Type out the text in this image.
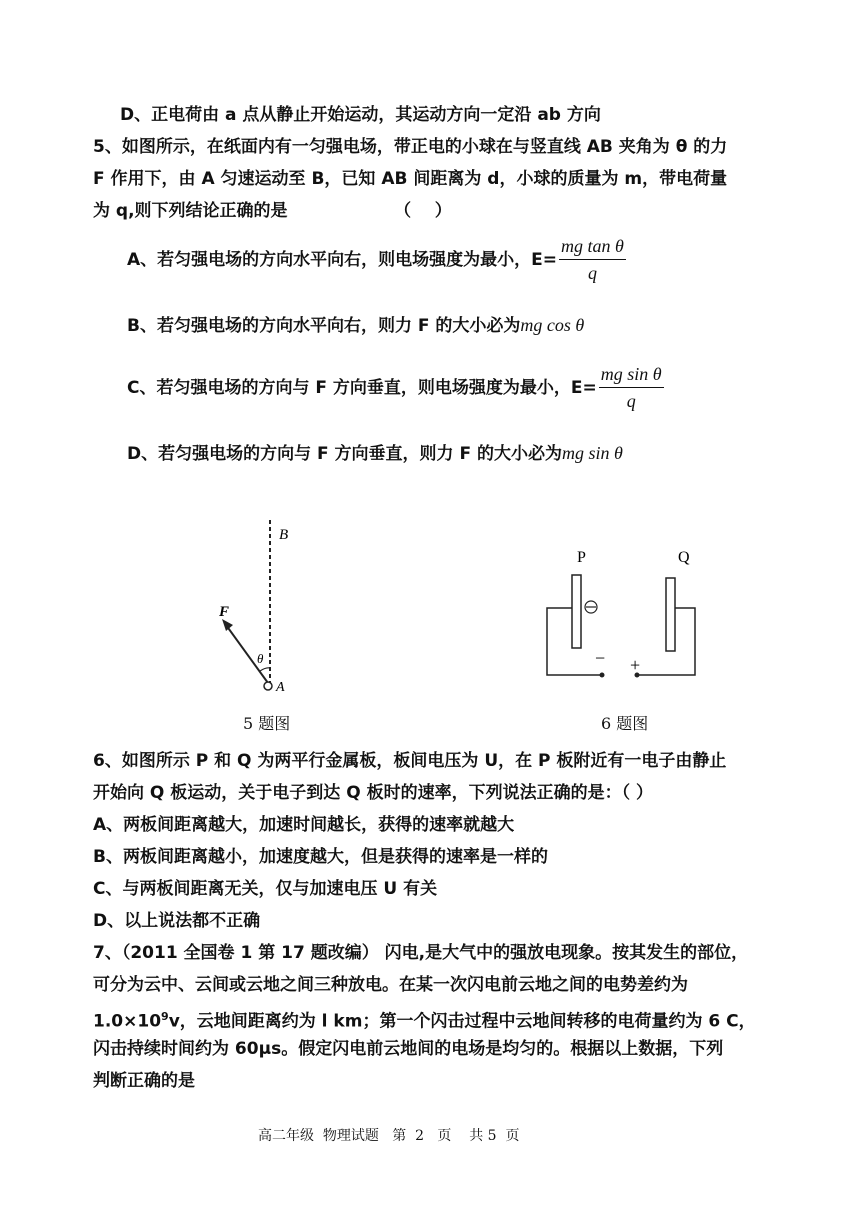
D、正电荷由 a 点从静止开始运动，其运动方向一定沿 ab 方向
5、如图所示，在纸面内有一匀强电场，带正电的小球在与竖直线 AB 夹角为 θ 的力
F 作用下，由 A 匀速运动至 B，已知 AB 间距离为 d，小球的质量为 m，带电荷量
为 q,则下列结论正确的是                  （    ）
A、若匀强电场的方向水平向右，则电场强度为最小，$E= \frac{\text{mg tan θ}}{q}$
B、若匀强电场的方向水平向右，则力 F 的大小必为mg cos θ
C、若匀强电场的方向与 F 方向垂直，则电场强度为最小，$E= \frac{\text{mg sin θ}}{q}$
D、若匀强电场的方向与 F 方向垂直，则力 F 的大小必为mg sin θ
B
F
θ
A
5 题图
P	Q
− +
6 题图
6、如图所示 P 和 Q 为两平行金属板，板间电压为 U，在 P 板附近有一电子由静止
开始向 Q 板运动，关于电子到达 Q 板时的速率，下列说法正确的是：（ ）
A、两板间距离越大，加速时间越长，获得的速率就越大
B、两板间距离越小，加速度越大，但是获得的速率是一样的
C、与两板间距离无关，仅与加速电压 U 有关
D、以上说法都不正确
7、（2011 全国卷 1 第 17 题改编） 闪电,是大气中的强放电现象。按其发生的部位，
可分为云中、云间或云地之间三种放电。在某一次闪电前云地之间的电势差约为
$1.0\times 10^9v$，云地间距离约为 l km；第一个闪击过程中云地间转移的电荷量约为 6 C，
闪击持续时间约为 60μs。假定闪电前云地间的电场是均匀的。根据以上数据，下列
判断正确的是
高二年级  物理试题   第  2   页    共 5  页
